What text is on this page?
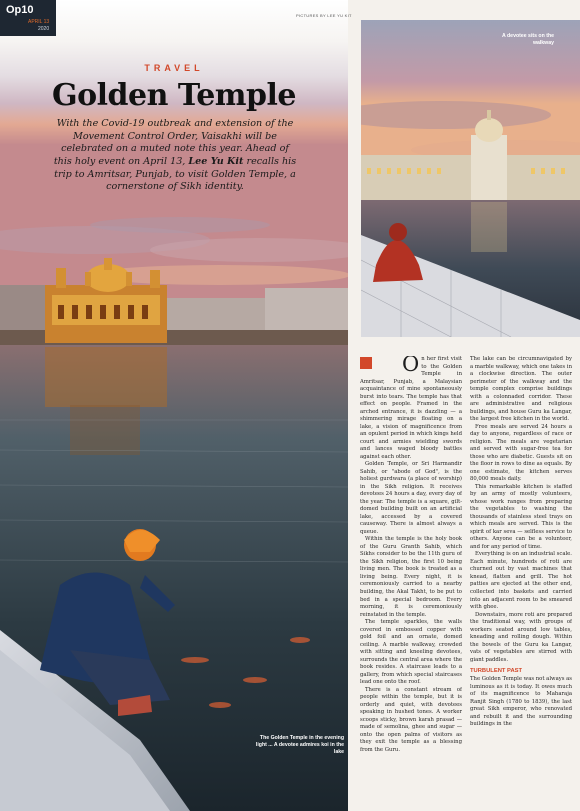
Op10
APRIL 13
2020
PICTURES BY LEE YU KIT
TRAVEL
Golden Temple
With the Covid-19 outbreak and extension of the Movement Control Order, Vaisakhi will be celebrated on a muted note this year. Ahead of this holy event on April 13, Lee Yu Kit recalls his trip to Amritsar, Punjab, to visit Golden Temple, a cornerstone of Sikh identity.
The Golden Temple in the evening light ... A devotee admires koi in the lake
A devotee sits on the walkway
O n her first visit to the Golden Temple in Amritsar, Punjab, a Malaysian acquaintance of mine spontaneously burst into tears. The temple has that effect on people. Framed in the arched entrance, it is dazzling — a shimmering mirage floating on a lake, a vision of magnificence from an opulent period in which kings held court and armies wielding swords and lances waged bloody battles against each other.

Golden Temple, or Sri Harmandir Sahib, or "abode of God", is the holiest gurdwara (a place of worship) in the Sikh religion. It receives devotees 24 hours a day, every day of the year. The temple is a square, gilt-domed building built on an artificial lake, accessed by a covered causeway. There is almost always a queue.

Within the temple is the holy book of the Guru Granth Sahib, which Sikhs consider to be the 11th guru of the Sikh religion, the first 10 being living men. The book is treated as a living being. Every night, it is ceremoniously carried to a nearby building, the Akal Takht, to be put to bed in a special bedroom. Every morning, it is ceremoniously reinstated in the temple.

The temple sparkles, the walls covered in embossed copper with gold foil and an ornate, domed ceiling. A marble walkway, crowded with sitting and kneeling devotees, surrounds the central area where the book resides. A staircase leads to a gallery, from which special staircases lead one onto the roof.

There is a constant stream of people within the temple, but it is orderly and quiet, with devotees speaking in hushed tones. A worker scoops sticky, brown karah prasad — made of semolina, ghee and sugar — onto the open palms of visitors as they exit the temple as a blessing from the Guru.

The lake can be circumnavigated by a marble walkway, which one takes in a clockwise direction. The outer perimeter of the walkway and the temple complex comprise buildings with a colonnaded corridor. These are administrative and religious buildings, and house Guru ka Langar, the largest free kitchen in the world.

Free meals are served 24 hours a day to anyone, regardless of race or religion. The meals are vegetarian and served with sugar-free tea for those who are diabetic. Guests sit on the floor in rows to dine as equals. By one estimate, the kitchen serves 80,000 meals daily.

This remarkable kitchen is staffed by an army of mostly volunteers, whose work ranges from preparing the vegetables to washing the thousands of stainless steel trays on which meals are served. This is the spirit of kar seva — selfless service to others. Anyone can be a volunteer, and for any period of time.

Everything is on an industrial scale. Each minute, hundreds of roti are churned out by vast machines that knead, flatten and grill. The hot patties are ejected at the other end, collected into baskets and carried into an adjacent room to be smeared with ghee.

Downstairs, more roti are prepared the traditional way, with groups of workers seated around low tables, kneading and rolling dough. Within the bowels of the Guru ka Langar, vats of vegetables are stirred with giant paddles.

TURBULENT PAST

The Golden Temple was not always as luminous as it is today. It owes much of its magnificence to Maharaja Ranjit Singh (1780 to 1839), the last great Sikh emperor, who renovated and rebuilt it and the surrounding buildings in the
